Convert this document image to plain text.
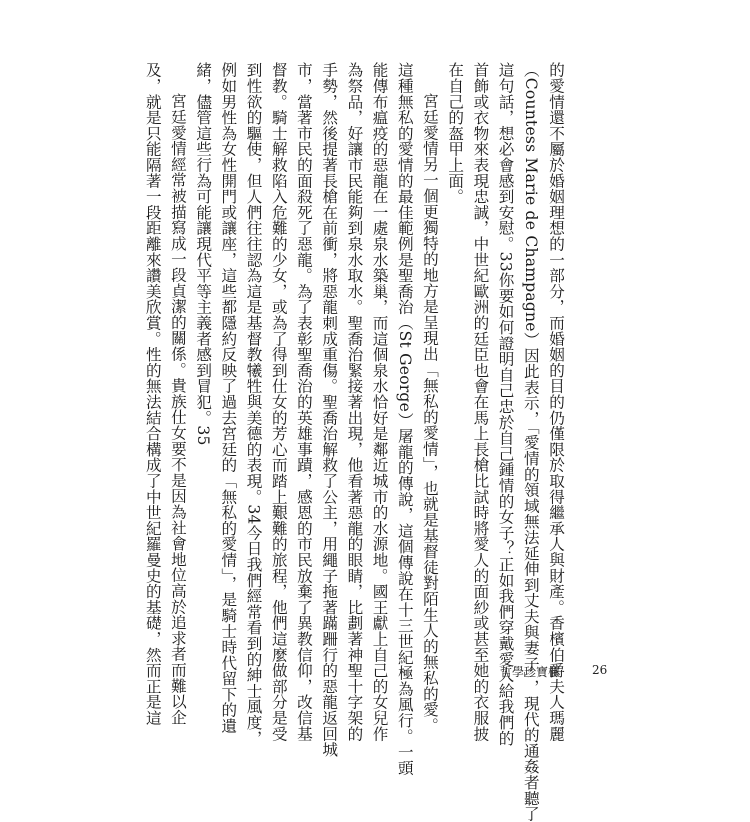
的愛情還不屬於婚姻理想的一部分，而婚姻的目的仍僅限於取得繼承人與財產。香檳伯爵夫人瑪麗
（Countess Marie de Champagne）因此表示，「愛情的領域無法延伸到丈夫與妻子」，現代的通姦者聽了
這句話，想必會感到安慰。33你要如何證明自己忠於自己鍾情的女子？正如我們穿戴愛人給我們的
首飾或衣物來表現忠誠，中世紀歐洲的廷臣也會在馬上長槍比試時將愛人的面紗或甚至她的衣服披
在自己的盔甲上面。
宮廷愛情另一個更獨特的地方是呈現出「無私的愛情」，也就是基督徒對陌生人的無私的愛。
這種無私的愛情的最佳範例是聖喬治（St George）屠龍的傳說，這個傳說在十三世紀極為風行。一頭
能傳布瘟疫的惡龍在一處泉水築巢，而這個泉水恰好是鄰近城市的水源地。國王獻上自己的女兒作
為祭品，好讓市民能夠到泉水取水。聖喬治緊接著出現，他看著惡龍的眼睛，比劃著神聖十字架的
手勢，然後提著長槍在前衝，將惡龍刺成重傷。聖喬治解救了公主，用繩子拖著蹣跚行的惡龍返回城
市，當著市民的面殺死了惡龍。為了表彰聖喬治的英雄事蹟，感恩的市民放棄了異教信仰，改信基
督教。騎士解救陷入危難的少女，或為了得到仕女的芳心而踏上艱難的旅程，他們這麼做部分是受
到性欲的驅使，但人們往往認為這是基督教犧牲與美德的表現。34今日我們經常看到的紳士風度，
例如男性為女性開門或讓座，這些都隱約反映了過去宮廷的「無私的愛情」，是騎士時代留下的遺
緒，儘管這些行為可能讓現代平等主義者感到冒犯。35
宮廷愛情經常被描寫成一段貞潔的關係。貴族仕女要不是因為社會地位高於追求者而難以企
及，就是只能隔著一段距離來讚美欣賞。性的無法結合構成了中世紀羅曼史的基礎，然而正是這	哲學珍寶櫃	26
